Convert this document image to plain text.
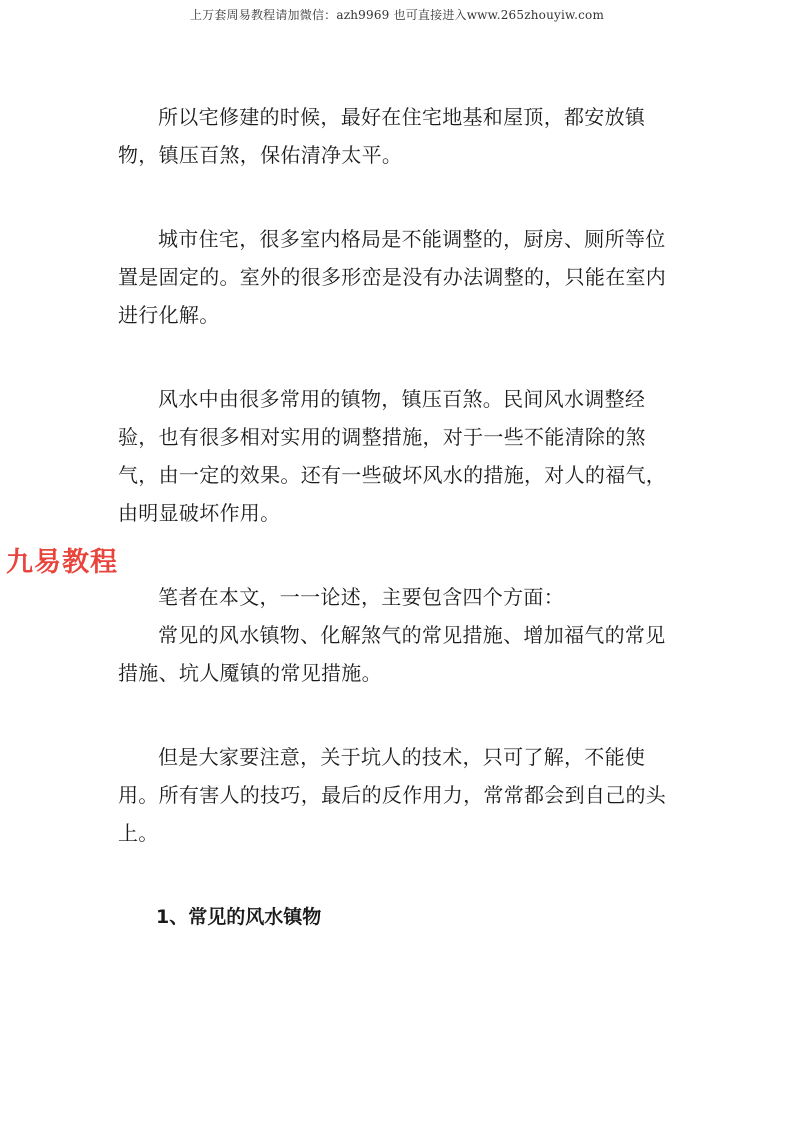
上万套周易教程请加微信：azh9969 也可直接进入www.265zhouyiw.com

所以宅修建的时候，最好在住宅地基和屋顶，都安放镇物，镇压百煞，保佑清净太平。

城市住宅，很多室内格局是不能调整的，厨房、厕所等位置是固定的。室外的很多形峦是没有办法调整的，只能在室内进行化解。

风水中由很多常用的镇物，镇压百煞。民间风水调整经验，也有很多相对实用的调整措施，对于一些不能清除的煞气，由一定的效果。还有一些破坏风水的措施，对人的福气，由明显破坏作用。

笔者在本文，一一论述，主要包含四个方面：

常见的风水镇物、化解煞气的常见措施、增加福气的常见措施、坑人魇镇的常见措施。

但是大家要注意，关于坑人的技术，只可了解，不能使用。所有害人的技巧，最后的反作用力，常常都会到自己的头上。

1、常见的风水镇物

九易教程
